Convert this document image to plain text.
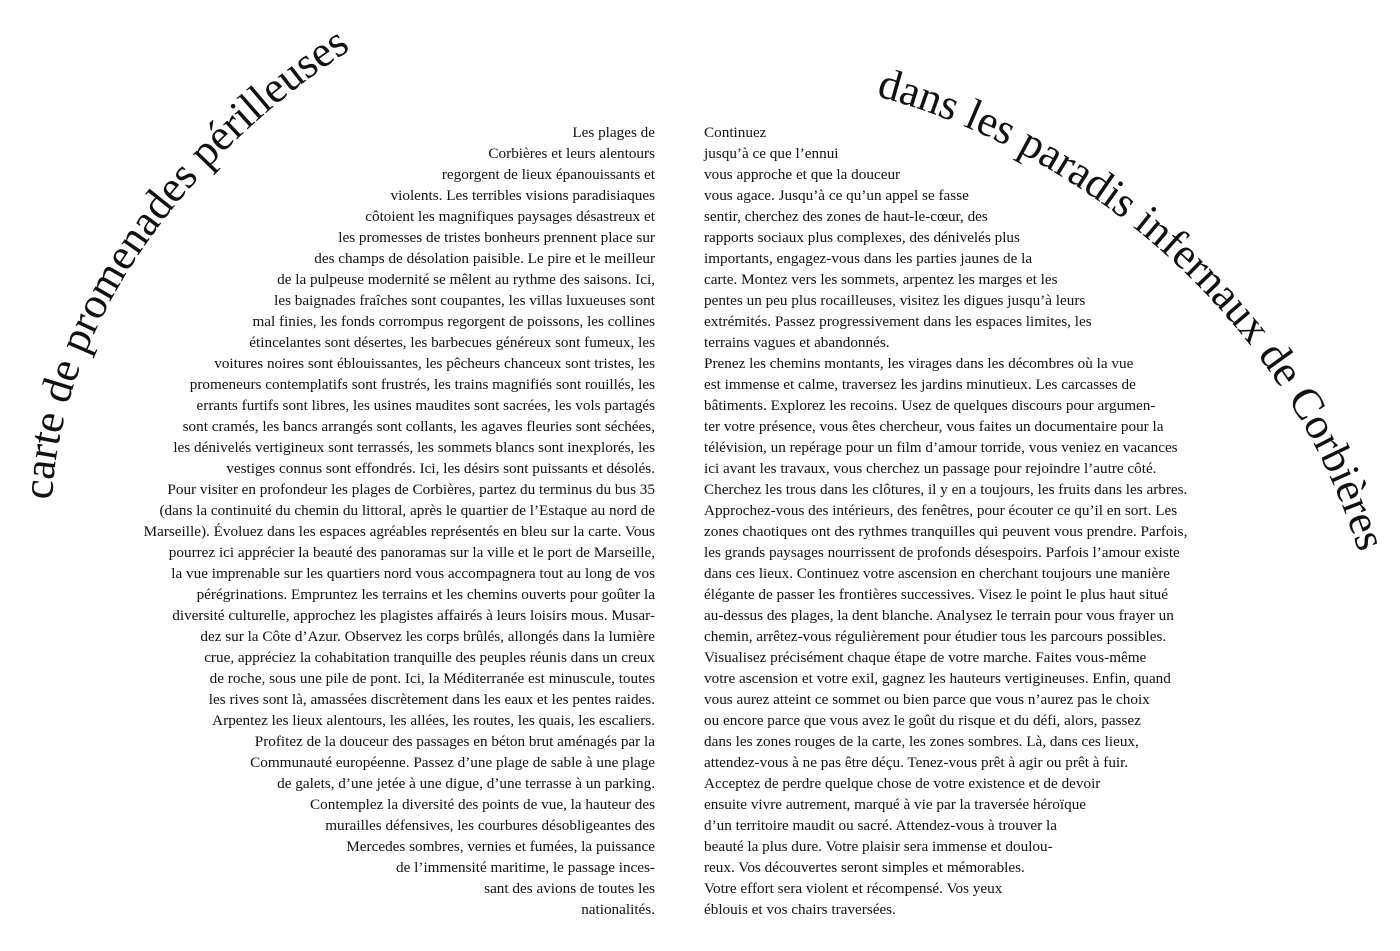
carte de promenades périlleuses
dans les paradis infernaux de Corbières
Les plages de
Corbières et leurs alentours
regorgent de lieux épanouissants et
violents. Les terribles visions paradisiaques
côtoient les magnifiques paysages désastreux et
les promesses de tristes bonheurs prennent place sur
des champs de désolation paisible. Le pire et le meilleur
de la pulpeuse modernité se mêlent au rythme des saisons. Ici,
les baignades fraîches sont coupantes, les villas luxueuses sont
mal finies, les fonds corrompus regorgent de poissons, les collines
étincelantes sont désertes, les barbecues généreux sont fumeux, les
voitures noires sont éblouissantes, les pêcheurs chanceux sont tristes, les
promeneurs contemplatifs sont frustrés, les trains magnifiés sont rouillés, les
errants furtifs sont libres, les usines maudites sont sacrées, les vols partagés
sont cramés, les bancs arrangés sont collants, les agaves fleuries sont séchées,
les dénivelés vertigineux sont terrassés, les sommets blancs sont inexplorés, les
vestiges connus sont effondrés. Ici, les désirs sont puissants et désolés.
Pour visiter en profondeur les plages de Corbières, partez du terminus du bus 35
(dans la continuité du chemin du littoral, après le quartier de l’Estaque au nord de
Marseille). Évoluez dans les espaces agréables représentés en bleu sur la carte. Vous
pourrez ici apprécier la beauté des panoramas sur la ville et le port de Marseille,
la vue imprenable sur les quartiers nord vous accompagnera tout au long de vos
pérégrinations. Empruntez les terrains et les chemins ouverts pour goûter la
diversité culturelle, approchez les plagistes affairés à leurs loisirs mous. Musar-
dez sur la Côte d’Azur. Observez les corps brûlés, allongés dans la lumière
crue, appréciez la cohabitation tranquille des peuples réunis dans un creux
de roche, sous une pile de pont. Ici, la Méditerranée est minuscule, toutes
les rives sont là, amassées discrètement dans les eaux et les pentes raides.
Arpentez les lieux alentours, les allées, les routes, les quais, les escaliers.
Profitez de la douceur des passages en béton brut aménagés par la
Communauté européenne. Passez d’une plage de sable à une plage
de galets, d’une jetée à une digue, d’une terrasse à un parking.
Contemplez la diversité des points de vue, la hauteur des
murailles défensives, les courbures désobligeantes des
Mercedes sombres, vernies et fumées, la puissance
de l’immensité maritime, le passage inces-
sant des avions de toutes les
nationalités.
Continuez
jusqu’à ce que l’ennui
vous approche et que la douceur
vous agace. Jusqu’à ce qu’un appel se fasse
sentir, cherchez des zones de haut-le-cœur, des
rapports sociaux plus complexes, des dénivelés plus
importants, engagez-vous dans les parties jaunes de la
carte. Montez vers les sommets, arpentez les marges et les
pentes un peu plus rocailleuses, visitez les digues jusqu’à leurs
extrémités. Passez progressivement dans les espaces limites, les
terrains vagues et abandonnés.
Prenez les chemins montants, les virages dans les décombres où la vue
est immense et calme, traversez les jardins minutieux. Les carcasses de
bâtiments. Explorez les recoins. Usez de quelques discours pour argumen-
ter votre présence, vous êtes chercheur, vous faites un documentaire pour la
télévision, un repérage pour un film d’amour torride, vous veniez en vacances
ici avant les travaux, vous cherchez un passage pour rejoindre l’autre côté.
Cherchez les trous dans les clôtures, il y en a toujours, les fruits dans les arbres.
Approchez-vous des intérieurs, des fenêtres, pour écouter ce qu’il en sort. Les
zones chaotiques ont des rythmes tranquilles qui peuvent vous prendre. Parfois,
les grands paysages nourrissent de profonds désespoirs. Parfois l’amour existe
dans ces lieux. Continuez votre ascension en cherchant toujours une manière
élégante de passer les frontières successives. Visez le point le plus haut situé
au-dessus des plages, la dent blanche. Analysez le terrain pour vous frayer un
chemin, arrêtez-vous régulièrement pour étudier tous les parcours possibles.
Visualisez précisément chaque étape de votre marche. Faites vous-même
votre ascension et votre exil, gagnez les hauteurs vertigineuses. Enfin, quand
vous aurez atteint ce sommet ou bien parce que vous n’aurez pas le choix
ou encore parce que vous avez le goût du risque et du défi, alors, passez
dans les zones rouges de la carte, les zones sombres. Là, dans ces lieux,
attendez-vous à ne pas être déçu. Tenez-vous prêt à agir ou prêt à fuir.
Acceptez de perdre quelque chose de votre existence et de devoir
ensuite vivre autrement, marqué à vie par la traversée héroïque
d’un territoire maudit ou sacré. Attendez-vous à trouver la
beauté la plus dure. Votre plaisir sera immense et doulou-
reux. Vos découvertes seront simples et mémorables.
Votre effort sera violent et récompensé. Vos yeux
éblouis et vos chairs traversées.
